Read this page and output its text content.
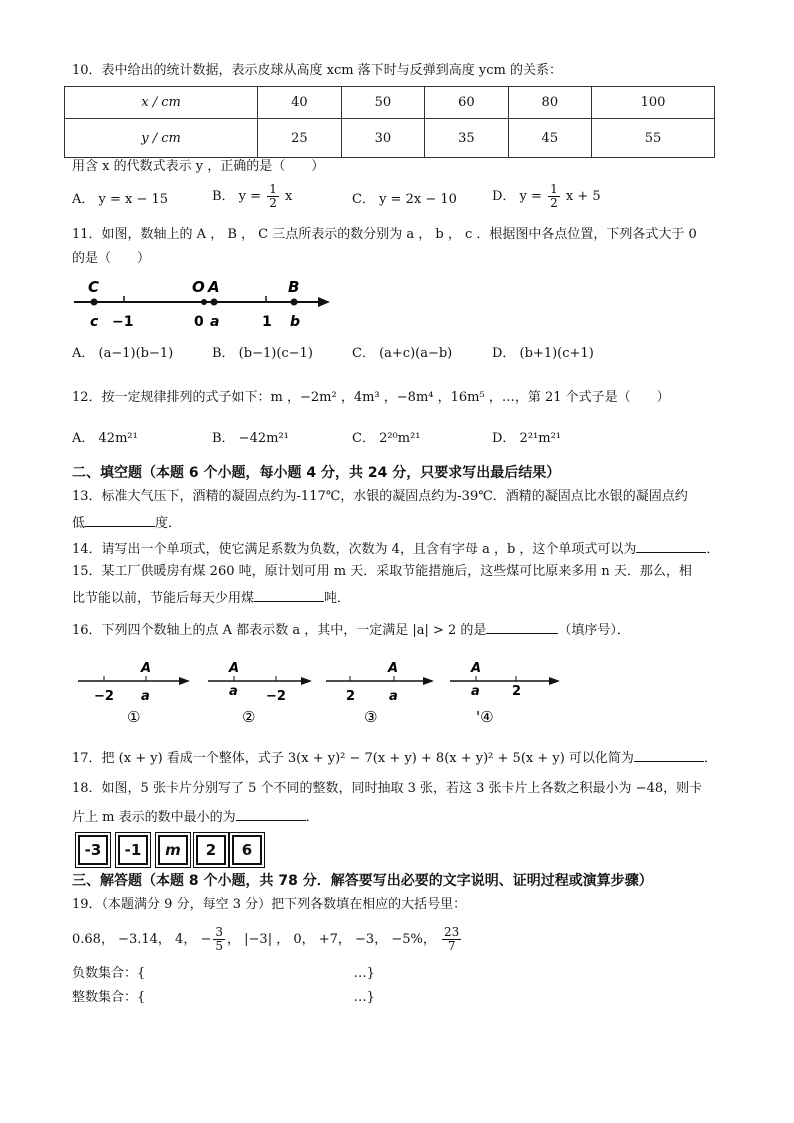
10．表中给出的统计数据，表示皮球从高度 xcm 落下时与反弹到高度 ycm 的关系：
x / cm	40	50	60	80	100
y / cm	25	30	35	45	55
用含 x 的代数式表示 y ，正确的是（　　）
A． y = x − 15	B． $y = \frac{1}{2}$ x	C． y = 2x − 10	D． $y = \frac{1}{2}$ x + 5
11．如图，数轴上的 A ， B ， C 三点所表示的数分别为 a ， b ， c ．根据图中各点位置，下列各式大于 0
的是（　　）
C	O A	B
c −1	0 a	1 b
A． (a−1)(b−1)	B． (b−1)(c−1)	C． (a+c)(a−b)	D． (b+1)(c+1)
12．按一定规律排列的式子如下：m ，−2m² ，4m³ ，−8m⁴ ，16m⁵ ，…，第 21 个式子是（　　）
A． 42m²¹	B． −42m²¹	C． 2²⁰m²¹	D． 2²¹m²¹
二、填空题（本题 6 个小题，每小题 4 分，共 24 分，只要求写出最后结果）
13．标准大气压下，酒精的凝固点约为-117℃，水银的凝固点约为-39℃．酒精的凝固点比水银的凝固点约
低	度．
14．请写出一个单项式，使它满足系数为负数，次数为 4，且含有字母 a ，b ，这个单项式可以为	．
15．某工厂供暖房有煤 260 吨，原计划可用 m 天．采取节能措施后，这些煤可比原来多用 n 天．那么，相
比节能以前，节能后每天少用煤	吨．
16．下列四个数轴上的点 A 都表示数 a ，其中，一定满足 |a| > 2 的是	（填序号）．
A
−2 a
①
A
a −2
②
A
2	a
③
A
a 2
'④
17．把 (x + y) 看成一个整体，式子 3(x + y)² − 7(x + y) + 8(x + y)² + 5(x + y) 可以化简为	．
18．如图，5 张卡片分别写了 5 个不同的整数，同时抽取 3 张，若这 3 张卡片上各数之积最小为 −48，则卡
片上 m 表示的数中最小的为	．
-3	-1	m	2	6
三、解答题（本题 8 个小题，共 78 分．解答要写出必要的文字说明、证明过程或演算步骤）
19．（本题满分 9 分，每空 3 分）把下列各数填在相应的大括号里：
0.68， −3.14， 4， − $\frac{3}{5}$ ， |−3| ， 0， +7， −3， −5%， $\frac{23}{7}$
负数集合：{	…}
整数集合：{	…}
